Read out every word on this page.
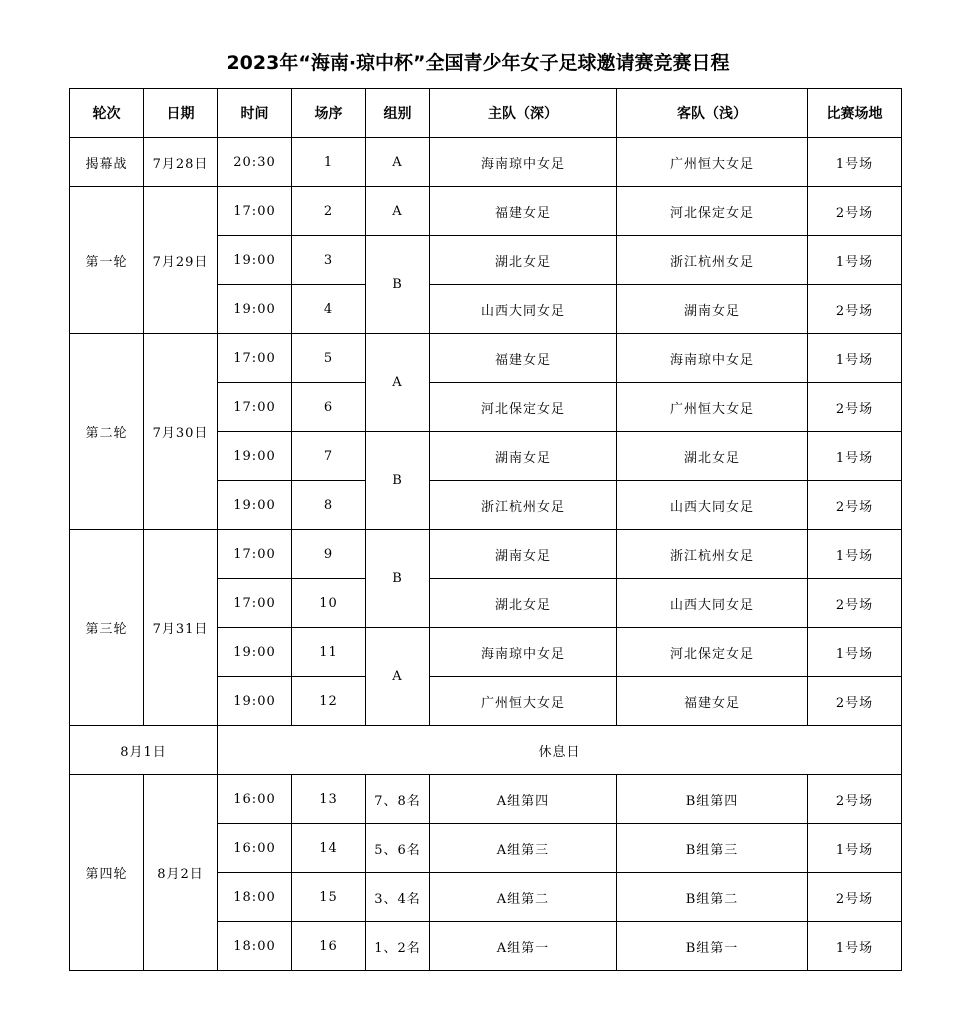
2023年“海南·琼中杯”全国青少年女子足球邀请赛竞赛日程
轮次	日期	时间	场序	组别	主队（深）	客队（浅）	比赛场地
揭幕战	7月28日	20:30	1	A	海南琼中女足	广州恒大女足	1号场
第一轮	7月29日	17:00	2	A	福建女足	河北保定女足	2号场
		19:00	3	B	湖北女足	浙江杭州女足	1号场
		19:00	4		山西大同女足	湖南女足	2号场
第二轮	7月30日	17:00	5	A	福建女足	海南琼中女足	1号场
		17:00	6		河北保定女足	广州恒大女足	2号场
		19:00	7	B	湖南女足	湖北女足	1号场
		19:00	8		浙江杭州女足	山西大同女足	2号场
第三轮	7月31日	17:00	9	B	湖南女足	浙江杭州女足	1号场
		17:00	10		湖北女足	山西大同女足	2号场
		19:00	11	A	海南琼中女足	河北保定女足	1号场
		19:00	12		广州恒大女足	福建女足	2号场
8月1日		休息日					
第四轮	8月2日	16:00	13	7、8名	A组第四	B组第四	2号场
		16:00	14	5、6名	A组第三	B组第三	1号场
		18:00	15	3、4名	A组第二	B组第二	2号场
		18:00	16	1、2名	A组第一	B组第一	1号场
